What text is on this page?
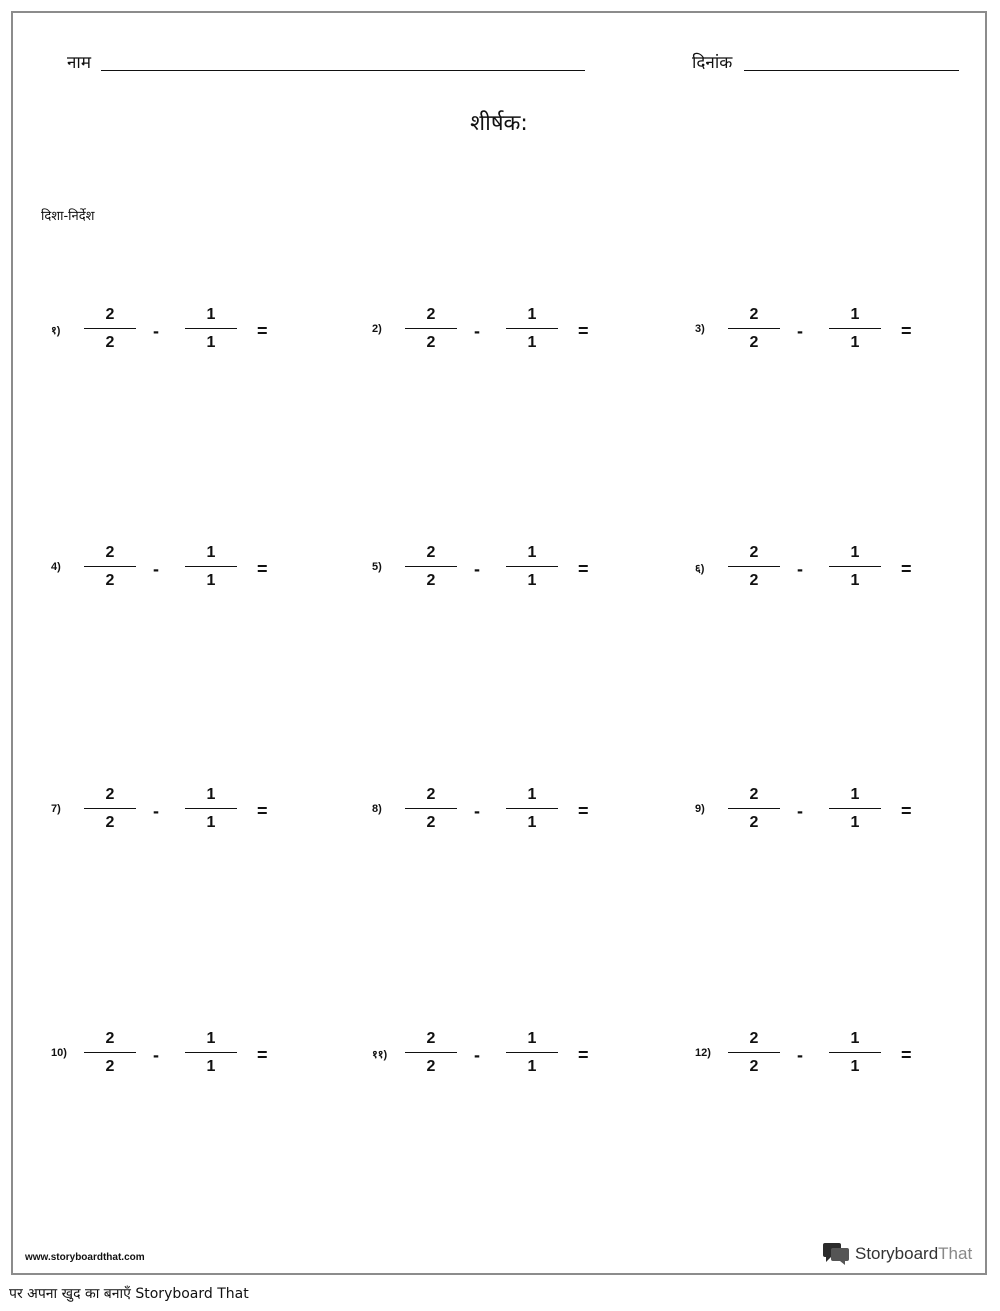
नाम	दिनांक
शीर्षक:
दिशा-निर्देश
१)
2
2
-
1
1
=	2)
2
2
-
1
1
=	3)
2
2
-
1
1
=
4)
2
2
-
1
1
=	5)
2
2
-
1
1
=	६)
2
2
-
1
1
=
7)
2
2
-
1
1
=	8)
2
2
-
1
1
=	9)
2
2
-
1
1
=
10)
2
2
-
1
1
=	११)
2
2
-
1
1
=	12)
2
2
-
1
1
=
www.storyboardthat.com	StoryboardThat
पर अपना खुद का बनाएँ Storyboard That
